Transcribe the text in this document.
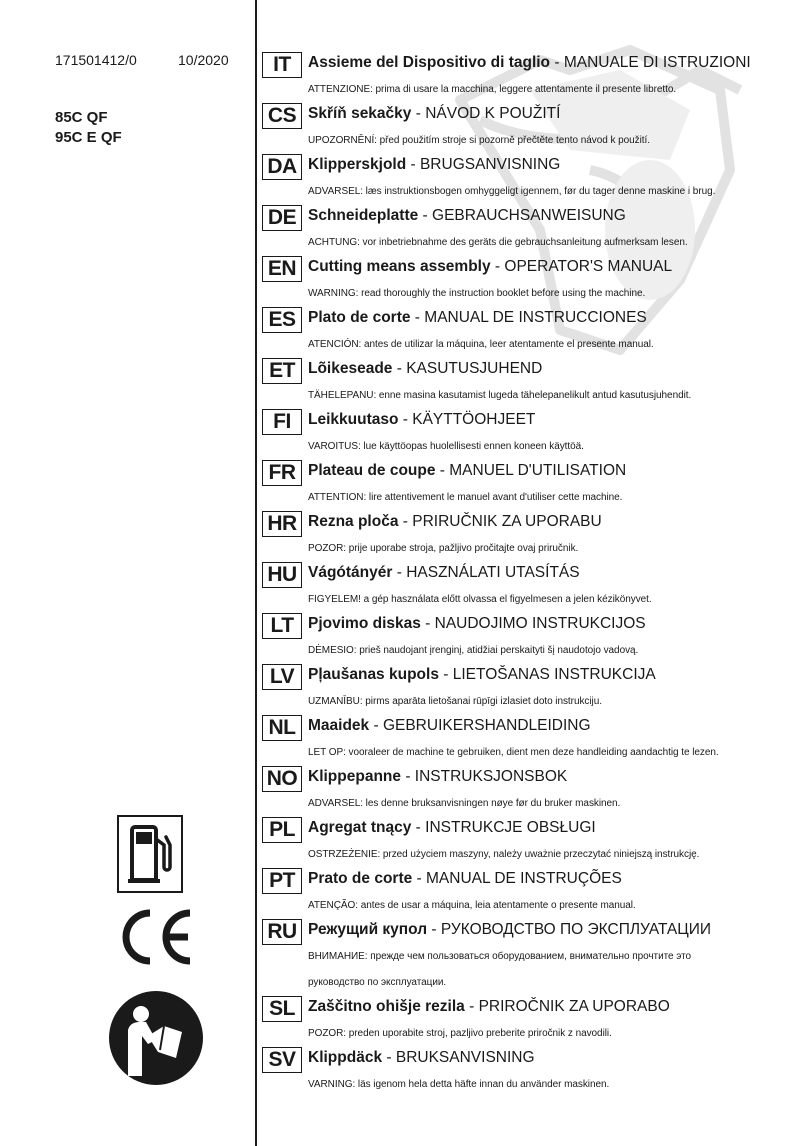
171501412/0	10/2020
85C QF
95C E QF
IT	Assieme del Dispositivo di taglio - MANUALE DI ISTRUZIONI
ATTENZIONE: prima di usare la macchina, leggere attentamente il presente libretto.
CS Skříň sekačky - NÁVOD K POUŽITÍ
UPOZORNĚNÍ: před použitím stroje si pozorně přečtěte tento návod k použití.
DA Klipperskjold - BRUGSANVISNING
ADVARSEL: læs instruktionsbogen omhyggeligt igennem, før du tager denne maskine i brug.
DE Schneideplatte - GEBRAUCHSANWEISUNG
ACHTUNG: vor inbetriebnahme des geräts die gebrauchsanleitung aufmerksam lesen.
EN Cutting means assembly - OPERATOR'S MANUAL
WARNING: read thoroughly the instruction booklet before using the machine.
ES Plato de corte - MANUAL DE INSTRUCCIONES
ATENCIÓN: antes de utilizar la máquina, leer atentamente el presente manual.
ET Lõikeseade - KASUTUSJUHEND
TÄHELEPANU: enne masina kasutamist lugeda tähelepanelikult antud kasutusjuhendit.
FI	Leikkuutaso - KÄYTTÖOHJEET
VAROITUS: lue käyttöopas huolellisesti ennen koneen käyttöä.
FR Plateau de coupe - MANUEL D'UTILISATION
ATTENTION: lire attentivement le manuel avant d'utiliser cette machine.
HR Rezna ploča - PRIRUČNIK ZA UPORABU
POZOR: prije uporabe stroja, pažljivo pročitajte ovaj priručnik.
HU Vágótányér - HASZNÁLATI UTASÍTÁS
FIGYELEM! a gép használata előtt olvassa el figyelmesen a jelen kézikönyvet.
LT Pjovimo diskas - NAUDOJIMO INSTRUKCIJOS
DĖMESIO: prieš naudojant įrenginį, atidžiai perskaityti šį naudotojo vadovą.
LV Pļaušanas kupols - LIETOŠANAS INSTRUKCIJA
UZMANĪBU: pirms aparāta lietošanai rūpīgi izlasiet doto instrukciju.
NL Maaidek - GEBRUIKERSHANDLEIDING
LET OP: vooraleer de machine te gebruiken, dient men deze handleiding aandachtig te lezen.
NO Klippepanne - INSTRUKSJONSBOK
ADVARSEL: les denne bruksanvisningen nøye før du bruker maskinen.
PL Agregat tnący - INSTRUKCJE OBSŁUGI
OSTRZEŻENIE: przed użyciem maszyny, należy uważnie przeczytać niniejszą instrukcję.
PT Prato de corte - MANUAL DE INSTRUÇÕES
ATENÇÃO: antes de usar a máquina, leia atentamente o presente manual.
RU Режущий купол - РУКОВОДСТВО ПО ЭКСПЛУАТАЦИИ
ВНИМАНИЕ: прежде чем пользоваться оборудованием, внимательно прочтите это руководство по эксплуатации.
SL Zaščitno ohišje rezila - PRIROČNIK ZA UPORABO
POZOR: preden uporabite stroj, pazljivo preberite priročnik z navodili.
SV Klippdäck - BRUKSANVISNING
VARNING: läs igenom hela detta häfte innan du använder maskinen.
